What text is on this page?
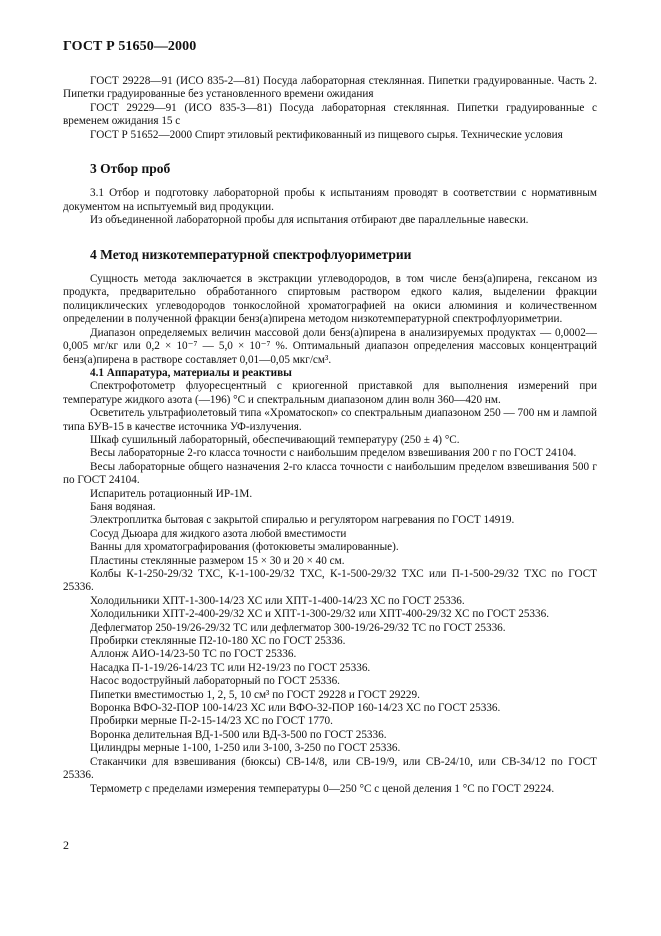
ГОСТ Р 51650—2000

ГОСТ 29228—91 (ИСО 835-2—81) Посуда лабораторная стеклянная. Пипетки градуированные. Часть 2. Пипетки градуированные без установленного времени ожидания

ГОСТ 29229—91 (ИСО 835-3—81) Посуда лабораторная стеклянная. Пипетки градуированные с временем ожидания 15 с

ГОСТ Р 51652—2000 Спирт этиловый ректификованный из пищевого сырья. Технические условия

3 Отбор проб

3.1 Отбор и подготовку лабораторной пробы к испытаниям проводят в соответствии с нормативным документом на испытуемый вид продукции.

Из объединенной лабораторной пробы для испытания отбирают две параллельные навески.

4 Метод низкотемпературной спектрофлуориметрии

Сущность метода заключается в экстракции углеводородов, в том числе бенз(а)пирена, гексаном из продукта, предварительно обработанного спиртовым раствором едкого калия, выделении фракции полициклических углеводородов тонкослойной хроматографией на окиси алюминия и количественном определении в полученной фракции бенз(а)пирена методом низкотемпературной спектрофлуориметрии.

Диапазон определяемых величин массовой доли бенз(а)пирена в анализируемых продуктах — 0,0002—0,005 мг/кг или 0,2 × 10⁻⁷ — 5,0 × 10⁻⁷ %. Оптимальный диапазон определения массовых концентраций бенз(а)пирена в растворе составляет 0,01—0,05 мкг/см³.

4.1 Аппаратура, материалы и реактивы

Спектрофотометр флуоресцентный с криогенной приставкой для выполнения измерений при температуре жидкого азота (—196) °С и спектральным диапазоном длин волн 360—420 нм.

Осветитель ультрафиолетовый типа «Хроматоскоп» со спектральным диапазоном 250 — 700 нм и лампой типа БУВ-15 в качестве источника УФ-излучения.

Шкаф сушильный лабораторный, обеспечивающий температуру (250 ± 4) °С.

Весы лабораторные 2-го класса точности с наибольшим пределом взвешивания 200 г по ГОСТ 24104.

Весы лабораторные общего назначения 2-го класса точности с наибольшим пределом взвешивания 500 г по ГОСТ 24104.

Испаритель ротационный ИР-1М.

Баня водяная.

Электроплитка бытовая с закрытой спиралью и регулятором нагревания по ГОСТ 14919.

Сосуд Дьюара для жидкого азота любой вместимости

Ванны для хроматографирования (фотокюветы эмалированные).

Пластины стеклянные размером 15 × 30 и 20 × 40 см.

Колбы К-1-250-29/32 ТХС, К-1-100-29/32 ТХС, К-1-500-29/32 ТХС или П-1-500-29/32 ТХС по ГОСТ 25336.

Холодильники ХПТ-1-300-14/23 ХС или ХПТ-1-400-14/23 ХС по ГОСТ 25336.

Холодильники ХПТ-2-400-29/32 ХС и ХПТ-1-300-29/32 или ХПТ-400-29/32 ХС по ГОСТ 25336.

Дефлегматор 250-19/26-29/32 ТС или дефлегматор 300-19/26-29/32 ТС по ГОСТ 25336.

Пробирки стеклянные П2-10-180 ХС по ГОСТ 25336.

Аллонж АИО-14/23-50 ТС по ГОСТ 25336.

Насадка П-1-19/26-14/23 ТС или Н2-19/23 по ГОСТ 25336.

Насос водоструйный лабораторный по ГОСТ 25336.

Пипетки вместимостью 1, 2, 5, 10 см³ по ГОСТ 29228 и ГОСТ 29229.

Воронка ВФО-32-ПОР 100-14/23 ХС или ВФО-32-ПОР 160-14/23 ХС по ГОСТ 25336.

Пробирки мерные П-2-15-14/23 ХС по ГОСТ 1770.

Воронка делительная ВД-1-500 или ВД-3-500 по ГОСТ 25336.

Цилиндры мерные 1-100, 1-250 или 3-100, 3-250 по ГОСТ 25336.

Стаканчики для взвешивания (бюксы) СВ-14/8, или СВ-19/9, или СВ-24/10, или СВ-34/12 по ГОСТ 25336.

Термометр с пределами измерения температуры 0—250 °С с ценой деления 1 °С по ГОСТ 29224.

2
